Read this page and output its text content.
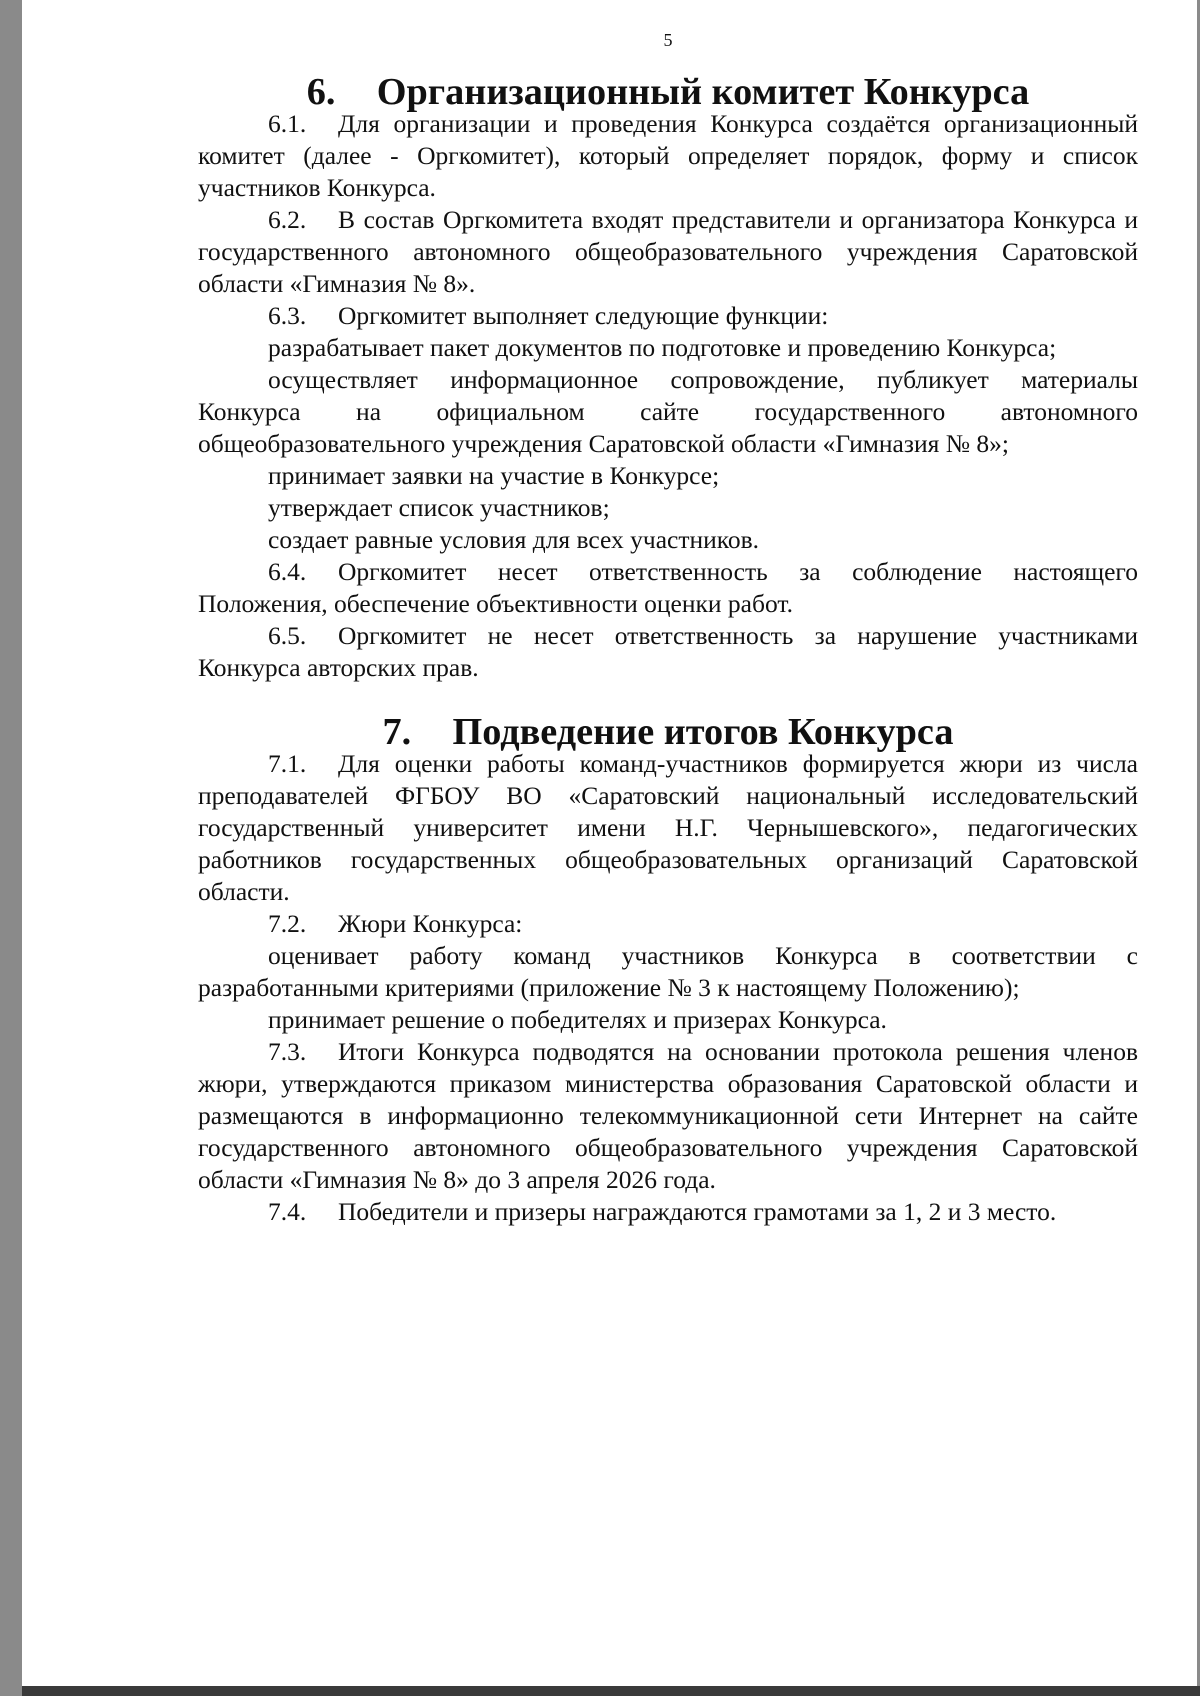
5
6.	Организационный комитет Конкурса

6.1. Для организации и проведения Конкурса создаётся организационный комитет (далее - Оргкомитет), который определяет порядок, форму и список участников Конкурса.

6.2. В состав Оргкомитета входят представители и организатора Конкурса и государственного автономного общеобразовательного учреждения Саратовской области «Гимназия № 8».

6.3. Оргкомитет выполняет следующие функции:

разрабатывает пакет документов по подготовке и проведению Конкурса;

осуществляет информационное сопровождение, публикует материалы Конкурса на официальном сайте государственного автономного общеобразовательного учреждения Саратовской области «Гимназия № 8»;

принимает заявки на участие в Конкурсе;

утверждает список участников;

создает равные условия для всех участников.

6.4. Оргкомитет несет ответственность за соблюдение настоящего Положения, обеспечение объективности оценки работ.

6.5. Оргкомитет не несет ответственность за нарушение участниками Конкурса авторских прав.

7.	Подведение итогов Конкурса

7.1. Для оценки работы команд-участников формируется жюри из числа преподавателей ФГБОУ ВО «Саратовский национальный исследовательский государственный университет имени Н.Г. Чернышевского», педагогических работников государственных общеобразовательных организаций Саратовской области.

7.2. Жюри Конкурса:

оценивает работу команд участников Конкурса в соответствии с разработанными критериями (приложение № 3 к настоящему Положению);

принимает решение о победителях и призерах Конкурса.

7.3. Итоги Конкурса подводятся на основании протокола решения членов жюри, утверждаются приказом министерства образования Саратовской области и размещаются в информационно телекоммуникационной сети Интернет на сайте государственного автономного общеобразовательного учреждения Саратовской области «Гимназия № 8» до 3 апреля 2026 года.

7.4. Победители и призеры награждаются грамотами за 1, 2 и 3 место.
